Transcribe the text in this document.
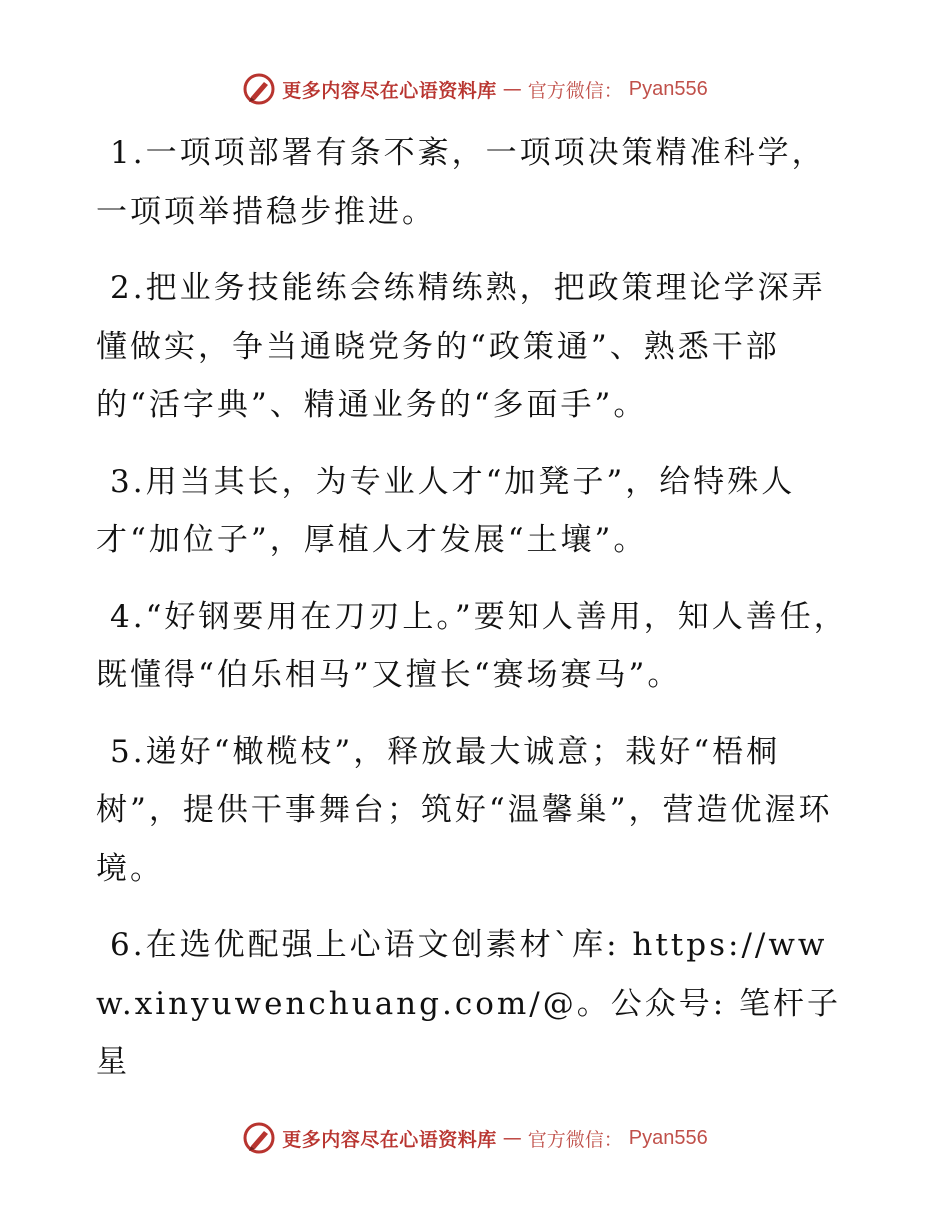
更多内容尽在心语资料库 — 官方微信： Pyan556

1.一项项部署有条不紊，一项项决策精准科学，一项项举措稳步推进。

2.把业务技能练会练精练熟，把政策理论学深弄懂做实，争当通晓党务的“政策通”、熟悉干部的“活字典”、精通业务的“多面手”。

3.用当其长，为专业人才“加凳子”，给特殊人才“加位子”，厚植人才发展“土壤”。

4.“好钢要用在刀刃上。”要知人善用，知人善任，既懂得“伯乐相马”又擅长“赛场赛马”。

5.递好“橄榄枝”，释放最大诚意；栽好“梧桐树”，提供干事舞台；筑好“温馨巢”，营造优渥环境。

6.在选优配强上心语文创素材`库: https://www.xinyuwenchuang.com/@。公众号: 笔杆子星

更多内容尽在心语资料库 — 官方微信： Pyan556
